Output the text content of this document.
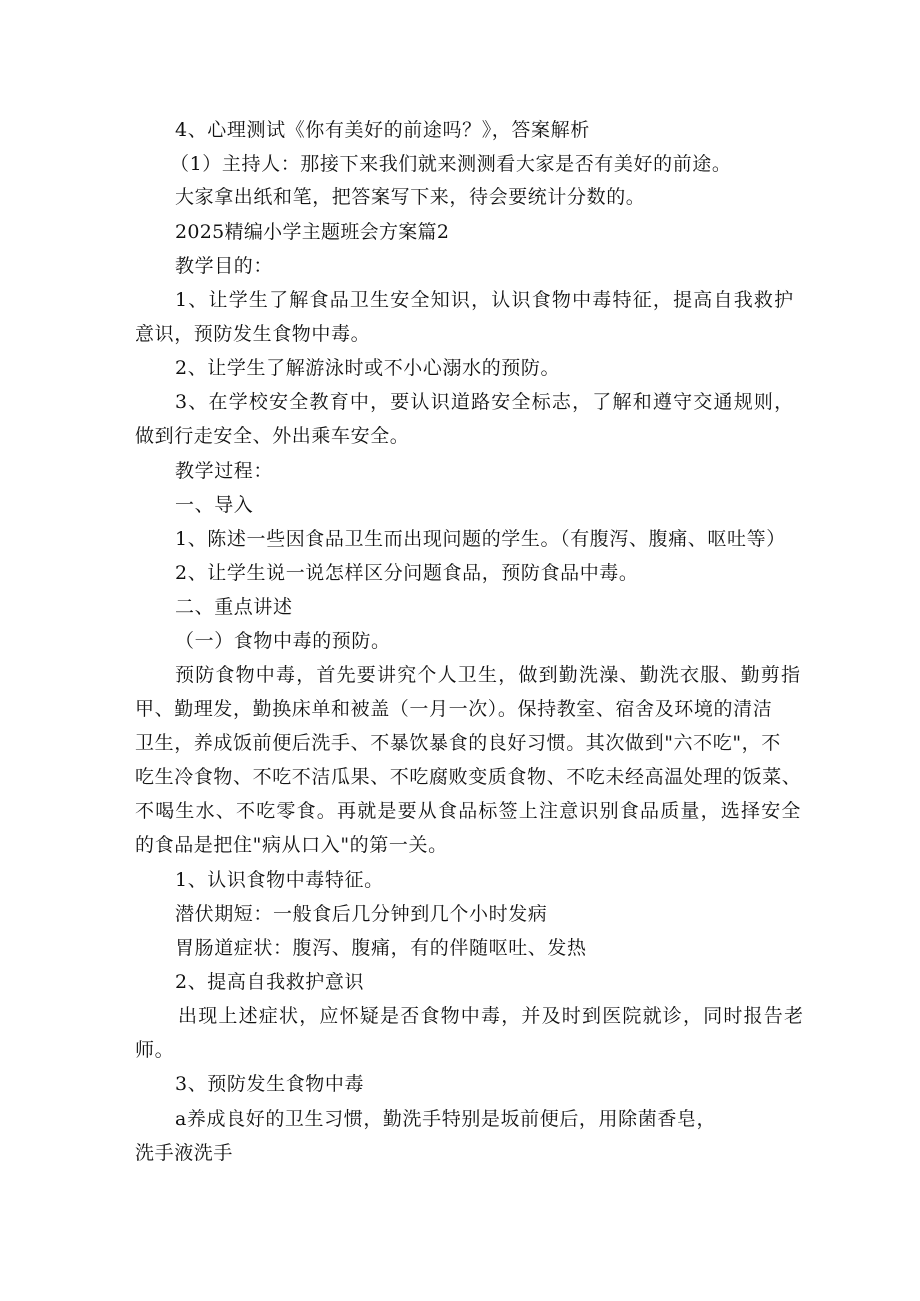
4、心理测试《你有美好的前途吗？》，答案解析
（1）主持人：那接下来我们就来测测看大家是否有美好的前途。
大家拿出纸和笔，把答案写下来，待会要统计分数的。
2025精编小学主题班会方案篇2
教学目的：
1、让学生了解食品卫生安全知识，认识食物中毒特征，提高自我救护
意识，预防发生食物中毒。
2、让学生了解游泳时或不小心溺水的预防。
3、在学校安全教育中，要认识道路安全标志，了解和遵守交通规则，
做到行走安全、外出乘车安全。
教学过程：
一、导入
1、陈述一些因食品卫生而出现问题的学生。（有腹泻、腹痛、呕吐等）
2、让学生说一说怎样区分问题食品，预防食品中毒。
二、重点讲述
（一）食物中毒的预防。
预防食物中毒，首先要讲究个人卫生，做到勤洗澡、勤洗衣服、勤剪指
甲、勤理发，勤换床单和被盖（一月一次）。保持教室、宿舍及环境的清洁
卫生，养成饭前便后洗手、不暴饮暴食的良好习惯。其次做到"六不吃"，不
吃生冷食物、不吃不洁瓜果、不吃腐败变质食物、不吃未经高温处理的饭菜、
不喝生水、不吃零食。再就是要从食品标签上注意识别食品质量，选择安全
的食品是把住"病从口入"的第一关。
1、认识食物中毒特征。
潜伏期短：一般食后几分钟到几个小时发病
胃肠道症状：腹泻、腹痛，有的伴随呕吐、发热
2、提高自我救护意识
出现上述症状，应怀疑是否食物中毒，并及时到医院就诊，同时报告老
师。
3、预防发生食物中毒
a养成良好的卫生习惯，勤洗手特别是坂前便后，用除菌香皂，
洗手液洗手
